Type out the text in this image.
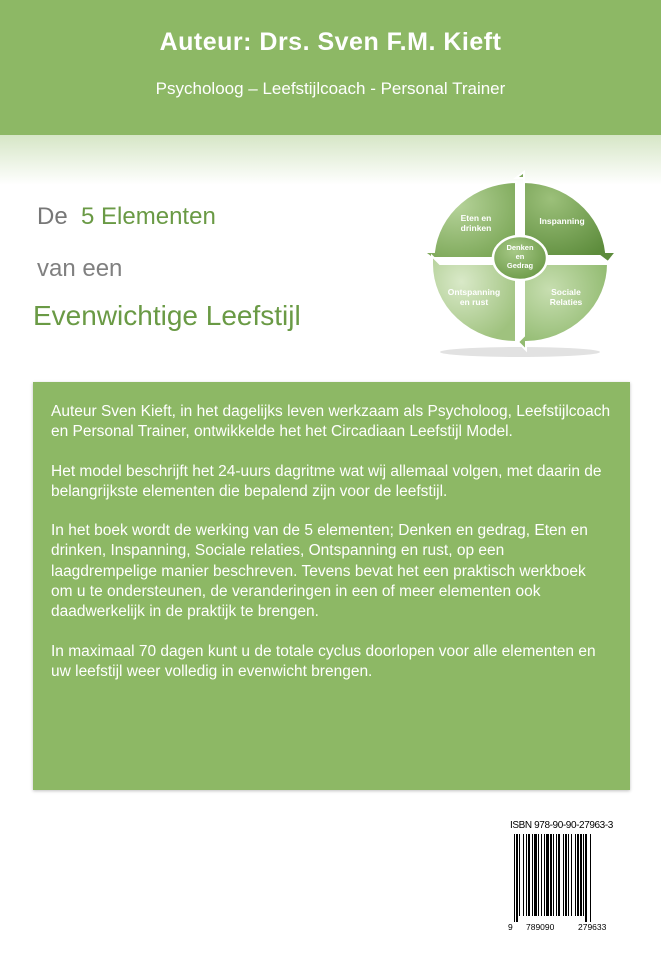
Auteur: Drs. Sven F.M. Kieft
Psycholoog – Leefstijlcoach - Personal Trainer
De 5 Elementen
van een
Evenwichtige Leefstijl
Eten en
drinken
Inspanning
Sociale
Relaties
Ontspanning
en rust
Denken
en
Gedrag

Auteur Sven Kieft, in het dagelijks leven werkzaam als Psycholoog, Leefstijlcoach en Personal Trainer, ontwikkelde het het Circadiaan Leefstijl Model.

Het model beschrijft het 24-uurs dagritme wat wij allemaal volgen, met daarin de belangrijkste elementen die bepalend zijn voor de leefstijl.

In het boek wordt de werking van de 5 elementen; Denken en gedrag, Eten en drinken, Inspanning, Sociale relaties, Ontspanning en rust, op een laagdrempelige manier beschreven. Tevens bevat het een praktisch werkboek om u te ondersteunen, de veranderingen in een of meer elementen ook daadwerkelijk in de praktijk te brengen.

In maximaal 70 dagen kunt u de totale cyclus doorlopen voor alle elementen en uw leefstijl weer volledig in evenwicht brengen.

ISBN 978-90-90-27963-3
9 789090	279633
